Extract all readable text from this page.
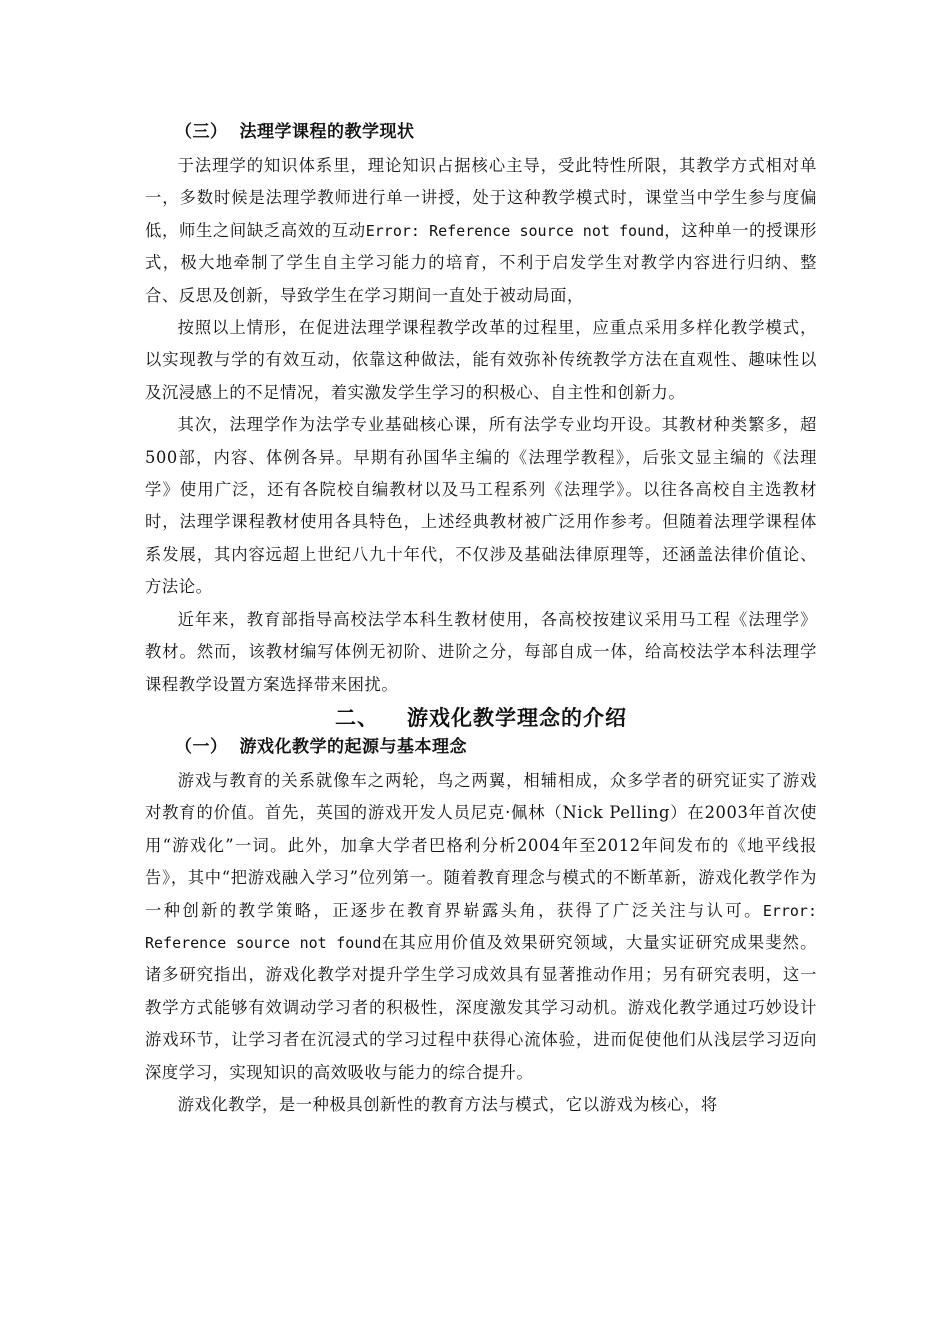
（三） 法理学课程的教学现状

于法理学的知识体系里，理论知识占据核心主导，受此特性所限，其教学方式相对单一，多数时候是法理学教师进行单一讲授，处于这种教学模式时，课堂当中学生参与度偏低，师生之间缺乏高效的互动Error: Reference source not found，这种单一的授课形式，极大地牵制了学生自主学习能力的培育，不利于启发学生对教学内容进行归纳、整合、反思及创新，导致学生在学习期间一直处于被动局面，

按照以上情形，在促进法理学课程教学改革的过程里，应重点采用多样化教学模式，以实现教与学的有效互动，依靠这种做法，能有效弥补传统教学方法在直观性、趣味性以及沉浸感上的不足情况，着实激发学生学习的积极心、自主性和创新力。

其次，法理学作为法学专业基础核心课，所有法学专业均开设。其教材种类繁多，超500部，内容、体例各异。早期有孙国华主编的《法理学教程》，后张文显主编的《法理学》使用广泛，还有各院校自编教材以及马工程系列《法理学》。以往各高校自主选教材时，法理学课程教材使用各具特色，上述经典教材被广泛用作参考。但随着法理学课程体系发展，其内容远超上世纪八九十年代，不仅涉及基础法律原理等，还涵盖法律价值论、方法论。

近年来，教育部指导高校法学本科生教材使用，各高校按建议采用马工程《法理学》教材。然而，该教材编写体例无初阶、进阶之分，每部自成一体，给高校法学本科法理学课程教学设置方案选择带来困扰。

二、 游戏化教学理念的介绍
（一） 游戏化教学的起源与基本理念

游戏与教育的关系就像车之两轮，鸟之两翼，相辅相成，众多学者的研究证实了游戏对教育的价值。首先，英国的游戏开发人员尼克·佩林（Nick Pelling）在2003年首次使用“游戏化”一词。此外，加拿大学者巴格利分析2004年至2012年间发布的《地平线报告》，其中“把游戏融入学习”位列第一。随着教育理念与模式的不断革新，游戏化教学作为一种创新的教学策略，正逐步在教育界崭露头角，获得了广泛关注与认可。Error: Reference source not found在其应用价值及效果研究领域，大量实证研究成果斐然。诸多研究指出，游戏化教学对提升学生学习成效具有显著推动作用；另有研究表明，这一教学方式能够有效调动学习者的积极性，深度激发其学习动机。游戏化教学通过巧妙设计游戏环节，让学习者在沉浸式的学习过程中获得心流体验，进而促使他们从浅层学习迈向深度学习，实现知识的高效吸收与能力的综合提升。

游戏化教学，是一种极具创新性的教育方法与模式，它以游戏为核心，将
